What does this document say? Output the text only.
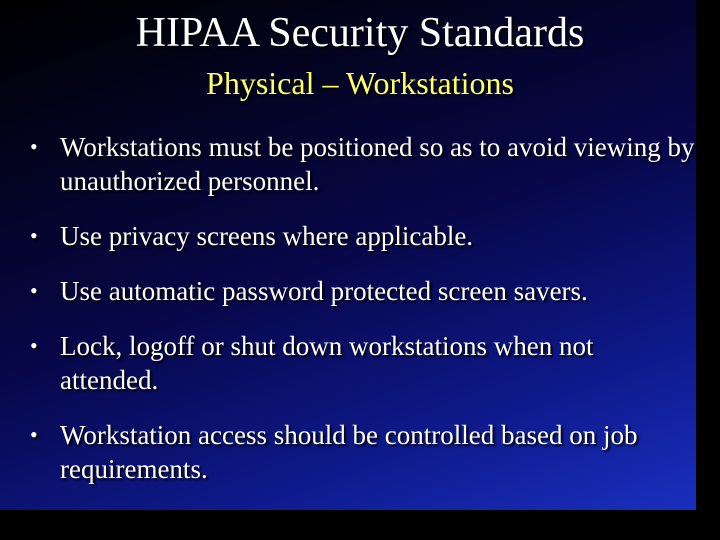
HIPAA Security Standards
Physical – Workstations
• Workstations must be positioned so as to avoid viewing by unauthorized personnel.
• Use privacy screens where applicable.
• Use automatic password protected screen savers.
• Lock, logoff or shut down workstations when not attended.
• Workstation access should be controlled based on job requirements.
